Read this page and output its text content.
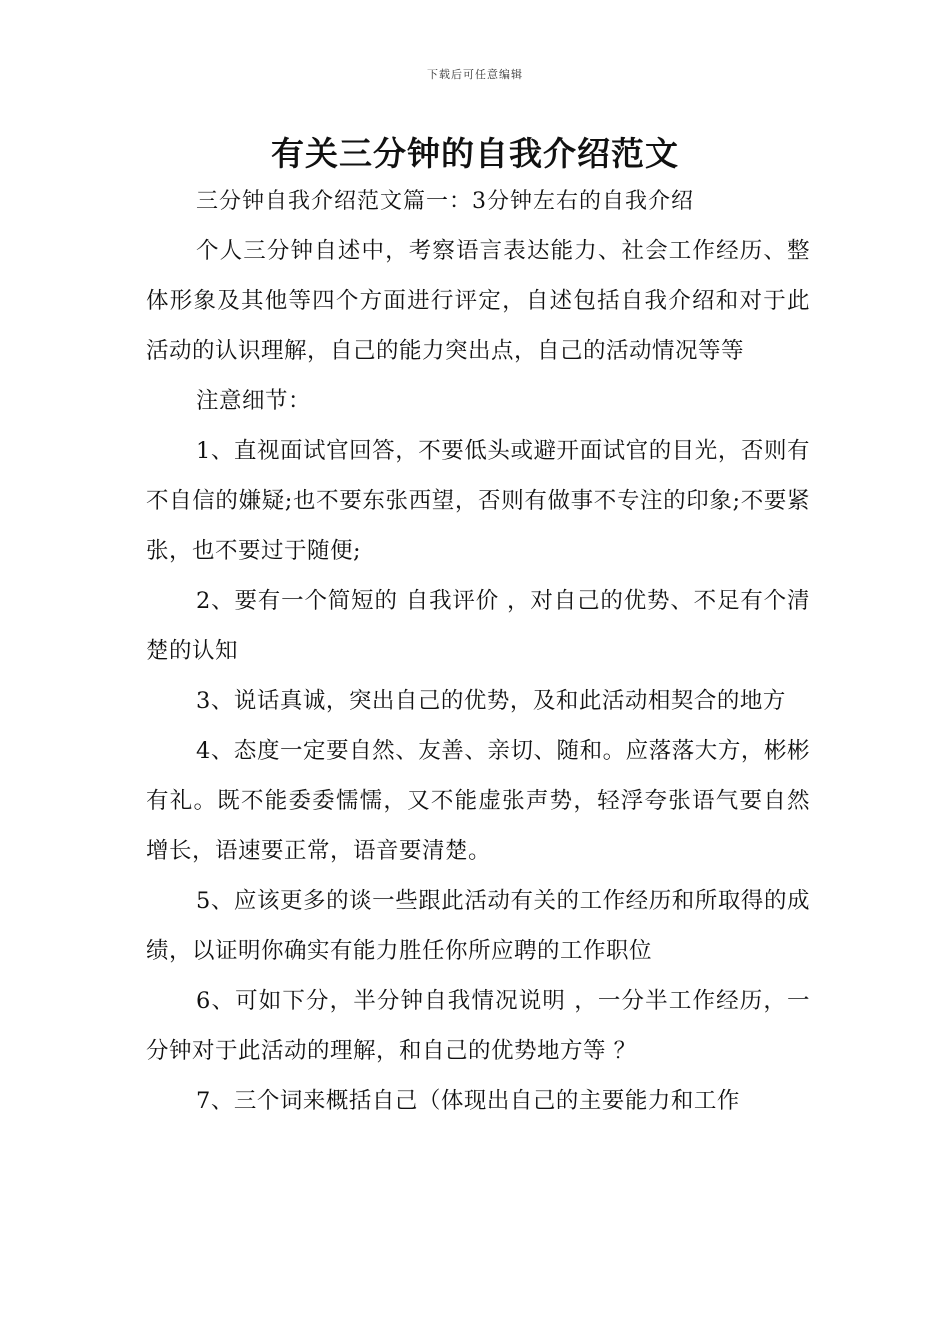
下载后可任意编辑
有关三分钟的自我介绍范文
三分钟自我介绍范文篇一：3分钟左右的自我介绍

个人三分钟自述中，考察语言表达能力、社会工作经历、整体形象及其他等四个方面进行评定，自述包括自我介绍和对于此活动的认识理解，自己的能力突出点，自己的活动情况等等

注意细节：

1、直视面试官回答，不要低头或避开面试官的目光，否则有不自信的嫌疑;也不要东张西望，否则有做事不专注的印象;不要紧张，也不要过于随便;

2、要有一个简短的 自我评价 ，对自己的优势、不足有个清楚的认知

3、说话真诚，突出自己的优势，及和此活动相契合的地方

4、态度一定要自然、友善、亲切、随和。应落落大方，彬彬有礼。既不能委委懦懦，又不能虚张声势，轻浮夸张语气要自然增长，语速要正常，语音要清楚。

5、应该更多的谈一些跟此活动有关的工作经历和所取得的成绩，以证明你确实有能力胜任你所应聘的工作职位

6、可如下分，半分钟自我情况说明 ，一分半工作经历，一分钟对于此活动的理解，和自己的优势地方等 ？

7、三个词来概括自己（体现出自己的主要能力和工作
